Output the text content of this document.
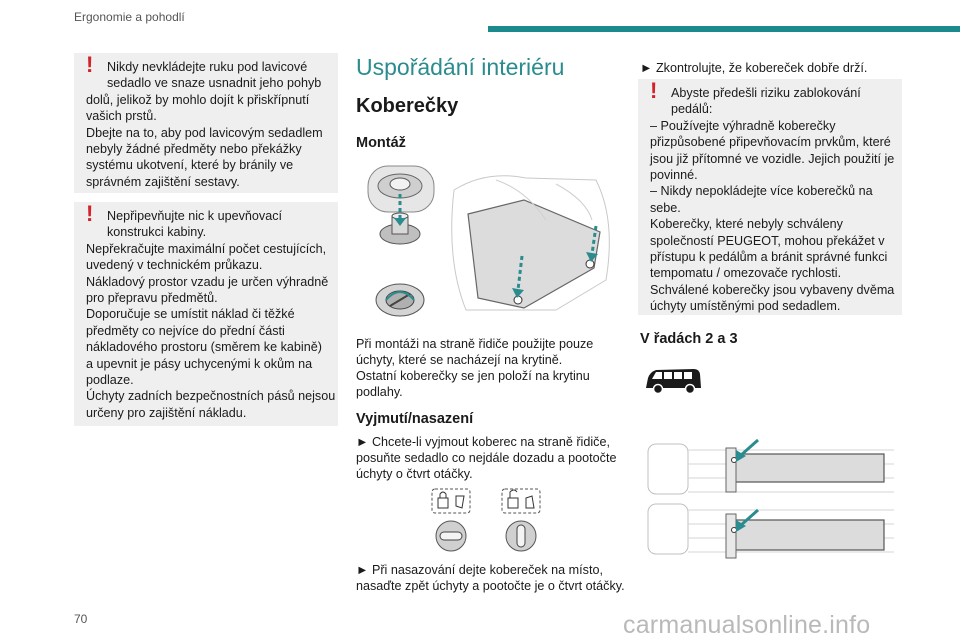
Ergonomie a pohodlí
!	Nikdy nevkládejte ruku pod lavicové
sedadlo ve snaze usnadnit jeho pohyb
dolů, jelikož by mohlo dojít k přiskřípnutí
vašich prstů.
Dbejte na to, aby pod lavicovým sedadlem
nebyly žádné předměty nebo překážky
systému ukotvení, které by bránily ve
správném zajištění sestavy.
!	Nepřipevňujte nic k upevňovací
konstrukci kabiny.
Nepřekračujte maximální počet cestujících,
uvedený v technickém průkazu.
Nákladový prostor vzadu je určen výhradně
pro přepravu předmětů.
Doporučuje se umístit náklad či těžké
předměty co nejvíce do přední části
nákladového prostoru (směrem ke kabině)
a upevnit je pásy uchycenými k okům na
podlaze.
Úchyty zadních bezpečnostních pásů nejsou
určeny pro zajištění nákladu.
Uspořádání interiéru
Koberečky
Montáž
Při montáži na straně řidiče použijte pouze
úchyty, které se nacházejí na krytině.
Ostatní koberečky se jen položí na krytinu
podlahy.
Vyjmutí/nasazení
► Chcete-li vyjmout koberec na straně řidiče,
posuňte sedadlo co nejdále dozadu a pootočte
úchyty o čtvrt otáčky.
► Při nasazování dejte kobereček na místo,
nasaďte zpět úchyty a pootočte je o čtvrt otáčky.
► Zkontrolujte, že kobereček dobře drží.
!	Abyste předešli riziku zablokování
pedálů:
– Používejte výhradně koberečky
přizpůsobené připevňovacím prvkům, které
jsou již přítomné ve vozidle. Jejich použití je
povinné.
– Nikdy nepokládejte více koberečků na
sebe.
Koberečky, které nebyly schváleny
společností PEUGEOT, mohou překážet v
přístupu k pedálům a bránit správné funkci
tempomatu / omezovače rychlosti.
Schválené koberečky jsou vybaveny dvěma
úchyty umístěnými pod sedadlem.
V řadách 2 a 3
70	carmanualsonline.info
